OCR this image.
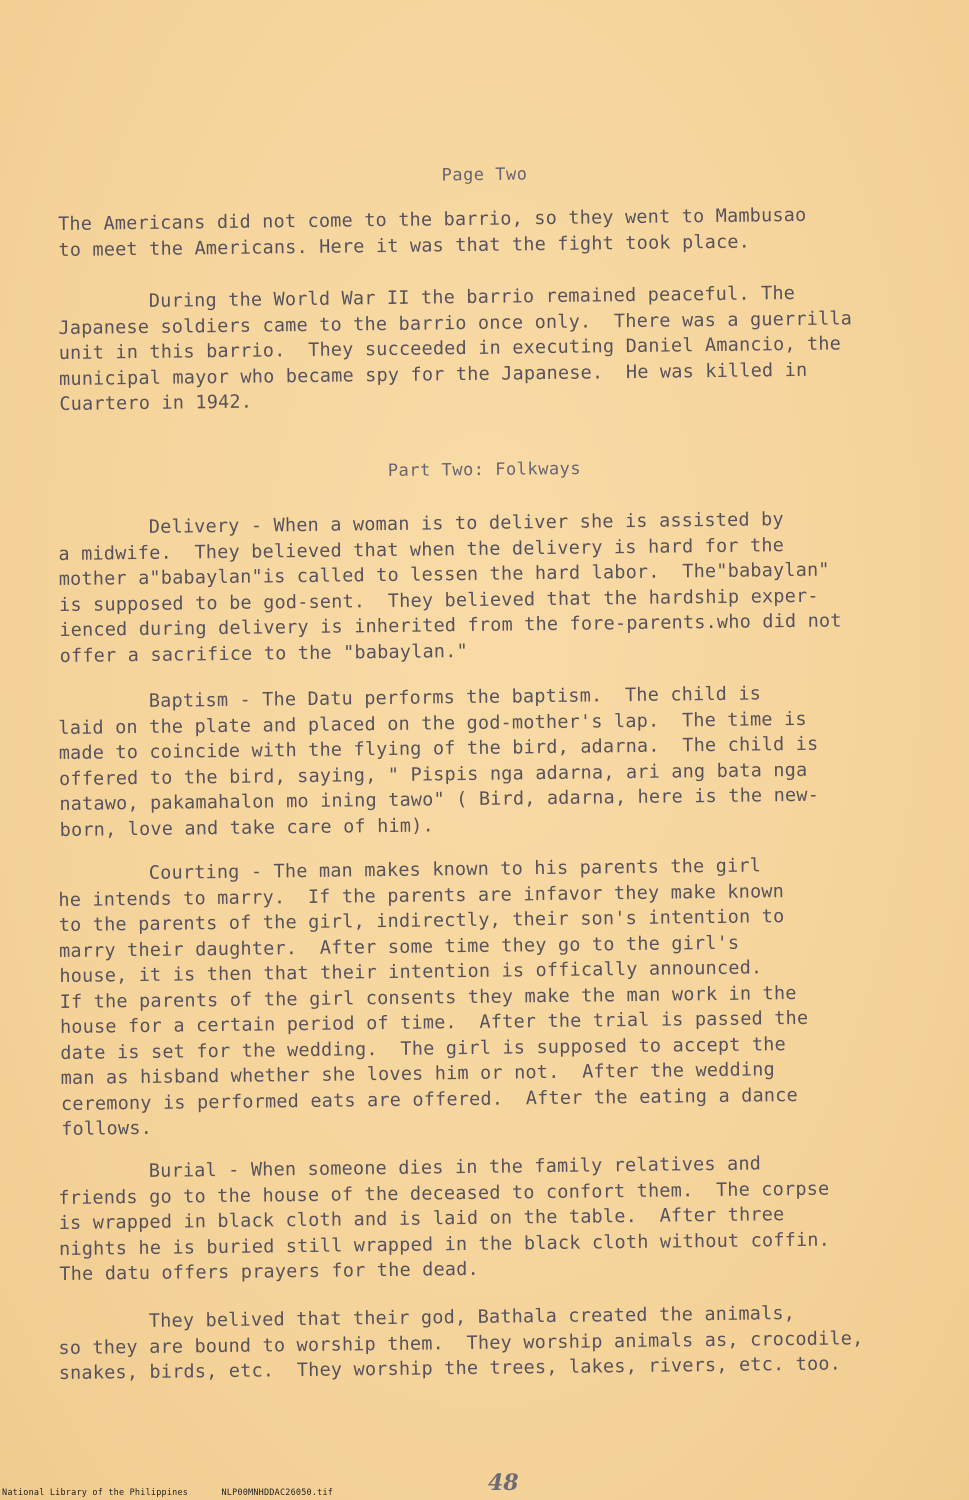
Page Two
The Americans did not come to the barrio, so they went to Mambusao
to meet the Americans. Here it was that the fight took place.
During the World War II the barrio remained peaceful. The
Japanese soldiers came to the barrio once only.  There was a guerrilla
unit in this barrio.  They succeeded in executing Daniel Amancio, the
municipal mayor who became spy for the Japanese.  He was killed in
Cuartero in 1942.
Part Two: Folkways
Delivery - When a woman is to deliver she is assisted by
a midwife.  They believed that when the delivery is hard for the
mother a"babaylan"is called to lessen the hard labor.  The"babaylan"
is supposed to be god-sent.  They believed that the hardship exper-
ienced during delivery is inherited from the fore-parents.who did not
offer a sacrifice to the "babaylan."
Baptism - The Datu performs the baptism.  The child is
laid on the plate and placed on the god-mother's lap.  The time is
made to coincide with the flying of the bird, adarna.  The child is
offered to the bird, saying, " Pispis nga adarna, ari ang bata nga
natawo, pakamahalon mo ining tawo" ( Bird, adarna, here is the new-
born, love and take care of him).
Courting - The man makes known to his parents the girl
he intends to marry.  If the parents are infavor they make known
to the parents of the girl, indirectly, their son's intention to
marry their daughter.  After some time they go to the girl's
house, it is then that their intention is offically announced.
If the parents of the girl consents they make the man work in the
house for a certain period of time.  After the trial is passed the
date is set for the wedding.  The girl is supposed to accept the
man as hisband whether she loves him or not.  After the wedding
ceremony is performed eats are offered.  After the eating a dance
follows.
Burial - When someone dies in the family relatives and
friends go to the house of the deceased to confort them.  The corpse
is wrapped in black cloth and is laid on the table.  After three
nights he is buried still wrapped in the black cloth without coffin.
The datu offers prayers for the dead.
They belived that their god, Bathala created the animals,
so they are bound to worship them.  They worship animals as, crocodile,
snakes, birds, etc.  They worship the trees, lakes, rivers, etc. too.
48
National Library of the Philippines	NLP00MNHDDAC26050.tif
